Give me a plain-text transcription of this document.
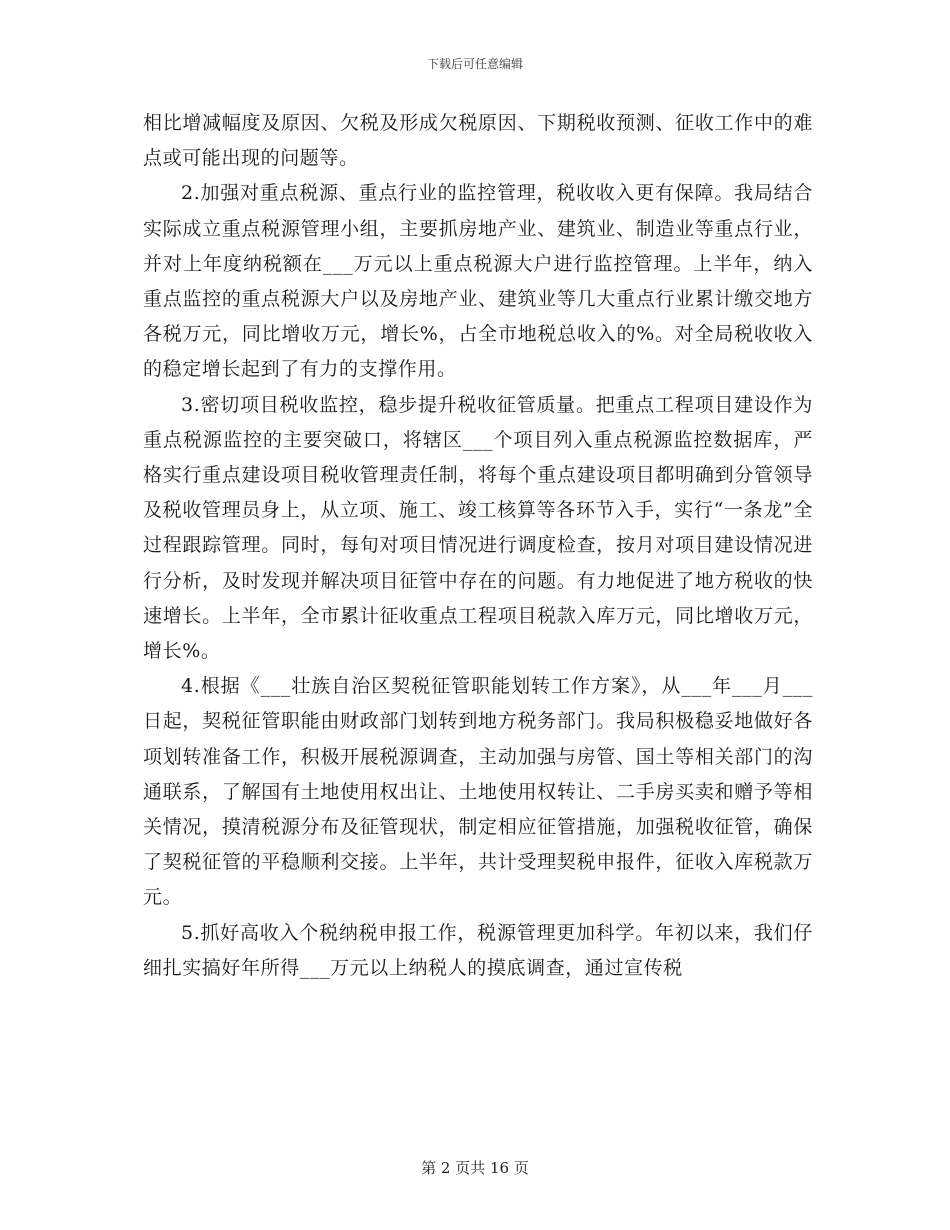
下载后可任意编辑

相比增减幅度及原因、欠税及形成欠税原因、下期税收预测、征收工作中的难点或可能出现的问题等。

2.加强对重点税源、重点行业的监控管理，税收收入更有保障。我局结合实际成立重点税源管理小组，主要抓房地产业、建筑业、制造业等重点行业，并对上年度纳税额在___万元以上重点税源大户进行监控管理。上半年，纳入重点监控的重点税源大户以及房地产业、建筑业等几大重点行业累计缴交地方各税万元，同比增收万元，增长%，占全市地税总收入的%。对全局税收收入的稳定增长起到了有力的支撑作用。

3.密切项目税收监控，稳步提升税收征管质量。把重点工程项目建设作为重点税源监控的主要突破口，将辖区___个项目列入重点税源监控数据库，严格实行重点建设项目税收管理责任制，将每个重点建设项目都明确到分管领导及税收管理员身上，从立项、施工、竣工核算等各环节入手，实行“一条龙”全过程跟踪管理。同时，每旬对项目情况进行调度检查，按月对项目建设情况进行分析，及时发现并解决项目征管中存在的问题。有力地促进了地方税收的快速增长。上半年，全市累计征收重点工程项目税款入库万元，同比增收万元，增长%。

4.根据《___壮族自治区契税征管职能划转工作方案》，从___年___月___日起，契税征管职能由财政部门划转到地方税务部门。我局积极稳妥地做好各项划转准备工作，积极开展税源调查，主动加强与房管、国土等相关部门的沟通联系，了解国有土地使用权出让、土地使用权转让、二手房买卖和赠予等相关情况，摸清税源分布及征管现状，制定相应征管措施，加强税收征管，确保了契税征管的平稳顺利交接。上半年，共计受理契税申报件，征收入库税款万元。

5.抓好高收入个税纳税申报工作，税源管理更加科学。年初以来，我们仔细扎实搞好年所得___万元以上纳税人的摸底调查，通过宣传税

第 2 页共 16 页
